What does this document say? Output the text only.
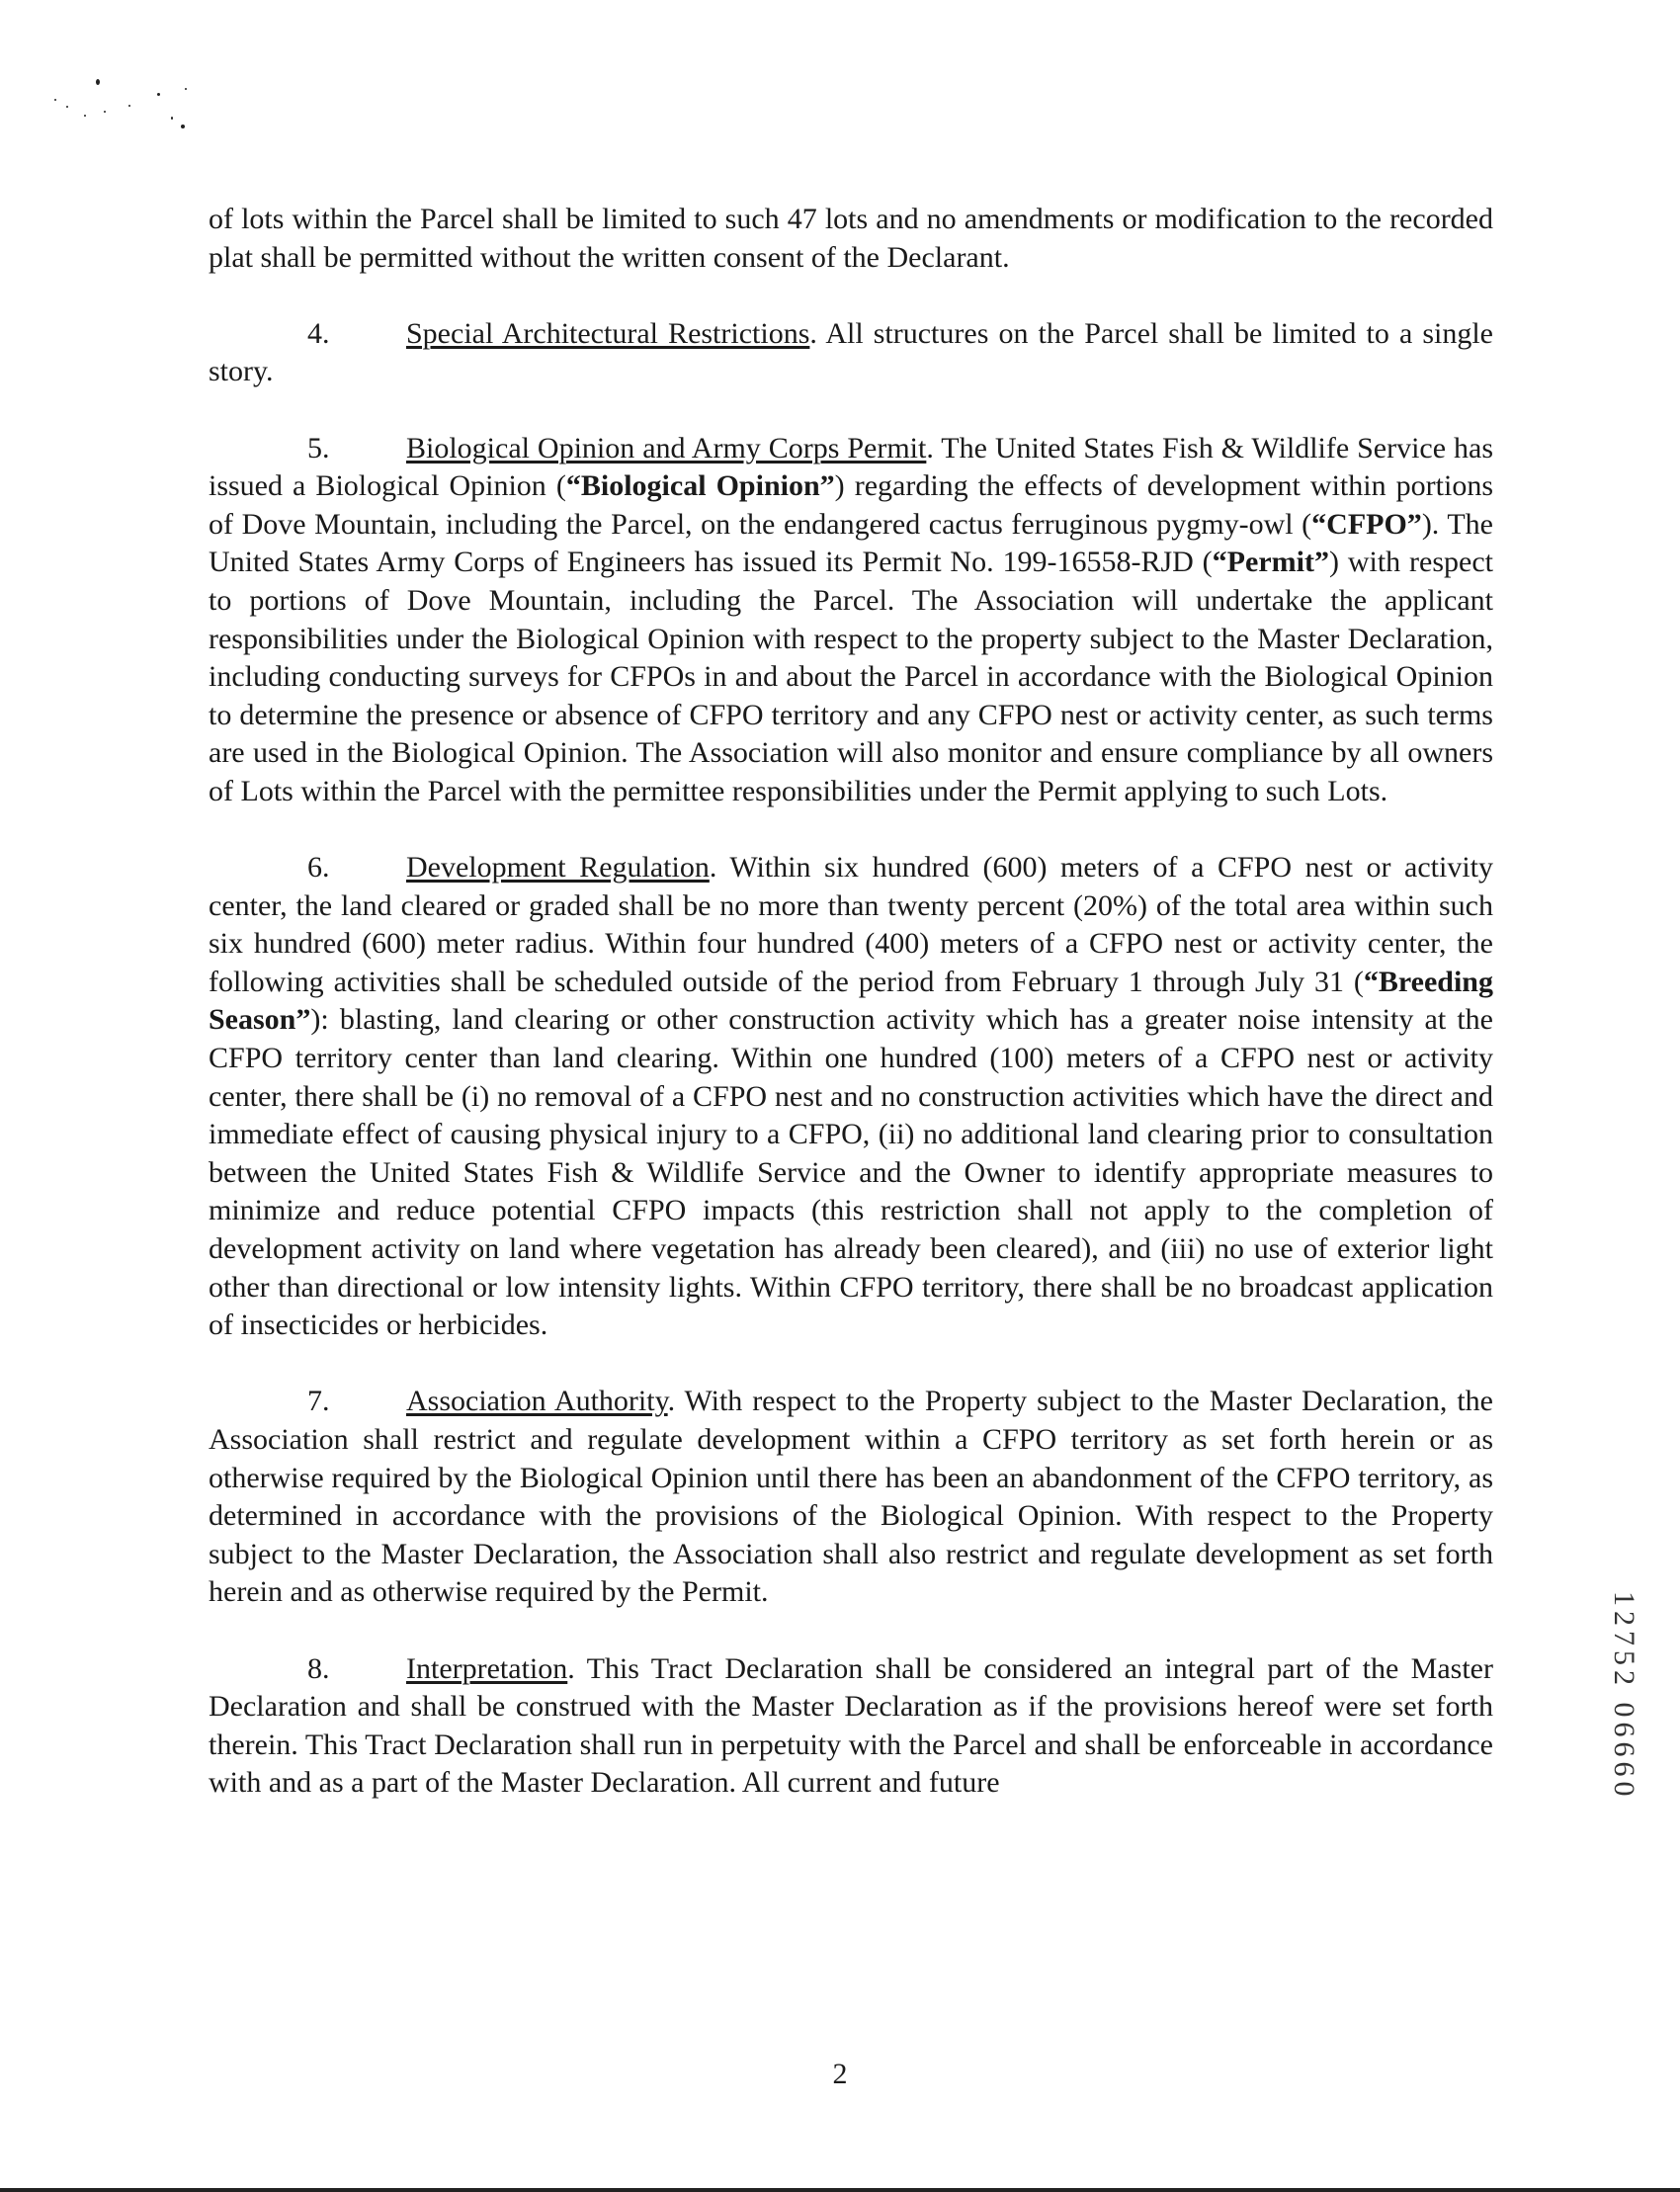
of lots within the Parcel shall be limited to such 47 lots and no amendments or modification to the recorded plat shall be permitted without the written consent of the Declarant.

4.	Special Architectural Restrictions. All structures on the Parcel shall be limited to a single story.

5.	Biological Opinion and Army Corps Permit. The United States Fish & Wildlife Service has issued a Biological Opinion (“Biological Opinion”) regarding the effects of development within portions of Dove Mountain, including the Parcel, on the endangered cactus ferruginous pygmy-owl (“CFPO”). The United States Army Corps of Engineers has issued its Permit No. 199-16558-RJD (“Permit”) with respect to portions of Dove Mountain, including the Parcel. The Association will undertake the applicant responsibilities under the Biological Opinion with respect to the property subject to the Master Declaration, including conducting surveys for CFPOs in and about the Parcel in accordance with the Biological Opinion to determine the presence or absence of CFPO territory and any CFPO nest or activity center, as such terms are used in the Biological Opinion. The Association will also monitor and ensure compliance by all owners of Lots within the Parcel with the permittee responsibilities under the Permit applying to such Lots.

6.	Development Regulation. Within six hundred (600) meters of a CFPO nest or activity center, the land cleared or graded shall be no more than twenty percent (20%) of the total area within such six hundred (600) meter radius. Within four hundred (400) meters of a CFPO nest or activity center, the following activities shall be scheduled outside of the period from February 1 through July 31 (“Breeding Season”): blasting, land clearing or other construction activity which has a greater noise intensity at the CFPO territory center than land clearing. Within one hundred (100) meters of a CFPO nest or activity center, there shall be (i) no removal of a CFPO nest and no construction activities which have the direct and immediate effect of causing physical injury to a CFPO, (ii) no additional land clearing prior to consultation between the United States Fish & Wildlife Service and the Owner to identify appropriate measures to minimize and reduce potential CFPO impacts (this restriction shall not apply to the completion of development activity on land where vegetation has already been cleared), and (iii) no use of exterior light other than directional or low intensity lights. Within CFPO territory, there shall be no broadcast application of insecticides or herbicides.

7.	Association Authority. With respect to the Property subject to the Master Declaration, the Association shall restrict and regulate development within a CFPO territory as set forth herein or as otherwise required by the Biological Opinion until there has been an abandonment of the CFPO territory, as determined in accordance with the provisions of the Biological Opinion. With respect to the Property subject to the Master Declaration, the Association shall also restrict and regulate development as set forth herein and as otherwise required by the Permit.

8.	Interpretation. This Tract Declaration shall be considered an integral part of the Master Declaration and shall be construed with the Master Declaration as if the provisions hereof were set forth therein. This Tract Declaration shall run in perpetuity with the Parcel and shall be enforceable in accordance with and as a part of the Master Declaration. All current and future	12752 06660
2
